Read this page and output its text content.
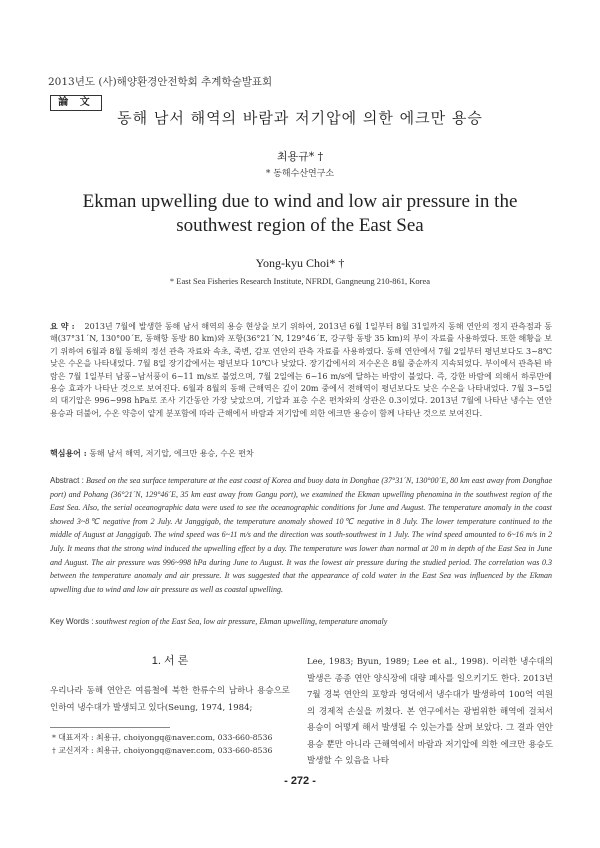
2013년도 (사)해양환경안전학회 추계학술발표회
論 文
동해 남서 해역의 바람과 저기압에 의한 에크만 용승
최용규* †
* 동해수산연구소
Ekman upwelling due to wind and low air pressure in the southwest region of the East Sea
Yong-kyu Choi* †
* East Sea Fisheries Research Institute, NFRDI, Gangneung 210-861, Korea
요 약 : 2013년 7월에 발생한 동해 남서 해역의 용승 현상을 보기 위하여, 2013년 6월 1일부터 8월 31일까지 동해 연안의 정지 관측점과 동해(37°31´N, 130°00´E, 동해항 동방 80 km)와 포항(36°21´N, 129°46´E, 강구항 동방 35 km)의 부이 자료를 사용하였다. 또한 해황을 보기 위하여 6월과 8월 동해의 정선 관측 자료와 속초, 죽변, 감포 연안의 관측 자료를 사용하였다. 동해 연안에서 7월 2일부터 평년보다도 3~8℃ 낮은 수온을 나타내었다. 7월 8일 장기갑에서는 평년보다 10℃나 낮았다. 장기갑에서의 저수온은 8월 중순까지 지속되었다. 부이에서 관측된 바람은 7월 1일부터 남풍~남서풍이 6~11 m/s로 불었으며, 7월 2일에는 6~16 m/s에 달하는 바람이 불었다. 즉, 강한 바람에 의해서 하루만에 용승 효과가 나타난 것으로 보여진다. 6월과 8월의 동해 근해역은 깊이 20m 중에서 전해역이 평년보다도 낮은 수온을 나타내었다. 7월 3~5일의 대기압은 996~998 hPa로 조사 기간동안 가장 낮았으며, 기압과 표층 수온 편차와의 상관은 0.3이었다. 2013년 7월에 나타난 냉수는 연안 용승과 더불어, 수온 약층이 얕게 분포함에 따라 근해에서 바람과 저기압에 의한 에크만 용승이 함께 나타난 것으로 보여진다.
핵심용어 : 동해 남서 해역, 저기압, 에크만 용승, 수온 편차
Abstract : Based on the sea surface temperature at the east coast of Korea and buoy data in Donghae (37°31´N, 130°00´E, 80 km east away from Donghae port) and Pohang (36°21´N, 129°46´E, 35 km east away from Gangu port), we examined the Ekman upwelling phenomina in the southwest region of the East Sea. Also, the serial oceanographic data were used to see the oceanographic conditions for June and August. The temperature anomaly in the coast showed 3~8℃ negative from 2 July. At Janggigab, the temperature anomaly showed 10℃ negative in 8 July. The lower temperature continued to the middle of August at Janggigab. The wind speed was 6~11 m/s and the direction was south-southwest in 1 July. The wind speed amounted to 6~16 m/s in 2 July. It means that the strong wind induced the upwelling effect by a day. The temperature was lower than normal at 20 m in depth of the East Sea in June and August. The air pressure was 996~998 hPa during June to August. It was the lowest air pressure during the studied period. The correlation was 0.3 between the temperature anomaly and air pressure. It was suggested that the appearance of cold water in the East Sea was influenced by the Ekman upwelling due to wind and low air pressure as well as coastal upwelling.
Key Words : southwest region of the East Sea, low air pressure, Ekman upwelling, temperature anomaly
1. 서 론
우리나라 동해 연안은 여름철에 북한 한류수의 남하나 용승으로 인하여 냉수대가 발생되고 있다(Seung, 1974, 1984;
* 대표저자 : 최용규, choiyongq@naver.com, 033-660-8536
† 교신저자 : 최용규, choiyongq@naver.com, 033-660-8536
Lee, 1983; Byun, 1989; Lee et al., 1998). 이러한 냉수대의 발생은 종종 연안 양식장에 대량 폐사를 일으키기도 한다. 2013년 7월 경북 연안의 포항과 영덕에서 냉수대가 발생하여 100억 여원의 경제적 손실을 끼쳤다. 본 연구에서는 광범위한 해역에 걸쳐서 용승이 어떻게 해서 발생될 수 있는가를 살펴 보았다. 그 결과 연안 용승 뿐만 아니라 근해역에서 바람과 저기압에 의한 에크만 용승도 발생할 수 있음을 나타
- 272 -
